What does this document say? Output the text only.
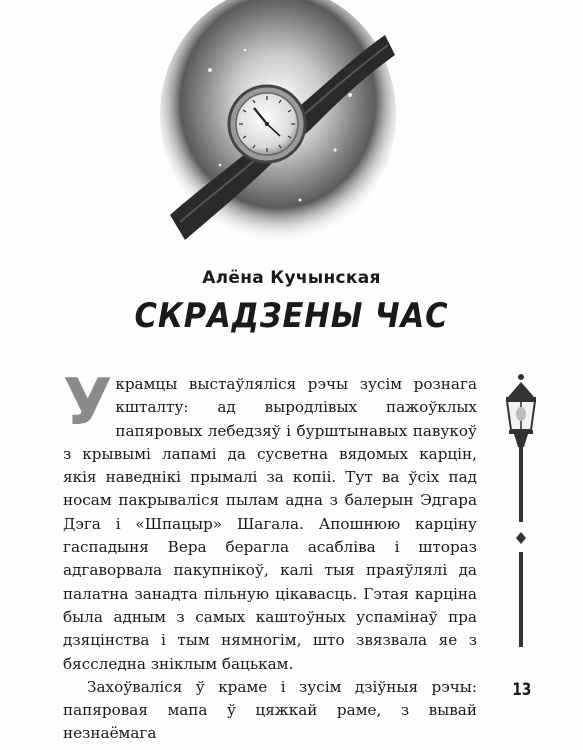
Алёна Кучынская
СКРАДЗЕНЫ ЧАС

Украмцы выстаўляліся рэчы зусім рознага кшталту: ад выродлівых пажоўклых папяровых лебедзяў і бурштынавых павукоў з крывымі лапамі да сусветна вядомых карцін, якія наведнікі прымалі за копіі. Тут ва ўсіх пад носам пакрываліся пылам адна з балерын Эдгара Дэга і «Шпацыр» Шагала. Апошнюю карціну гаспадыня Вера берагла асабліва і штораз адгаворвала пакупнікоў, калі тыя праяўлялі да палатна занадта пільную цікавасць. Гэтая карціна была адным з самых каштоўных успамінаў пра дзяцінства і тым нямногім, што звязвала яе з бясследна зніклым бацькам.

Захоўваліся ў краме і зусім дзіўныя рэчы: папяровая мапа ў цяжкай раме, з вывай незнаёмага

13
